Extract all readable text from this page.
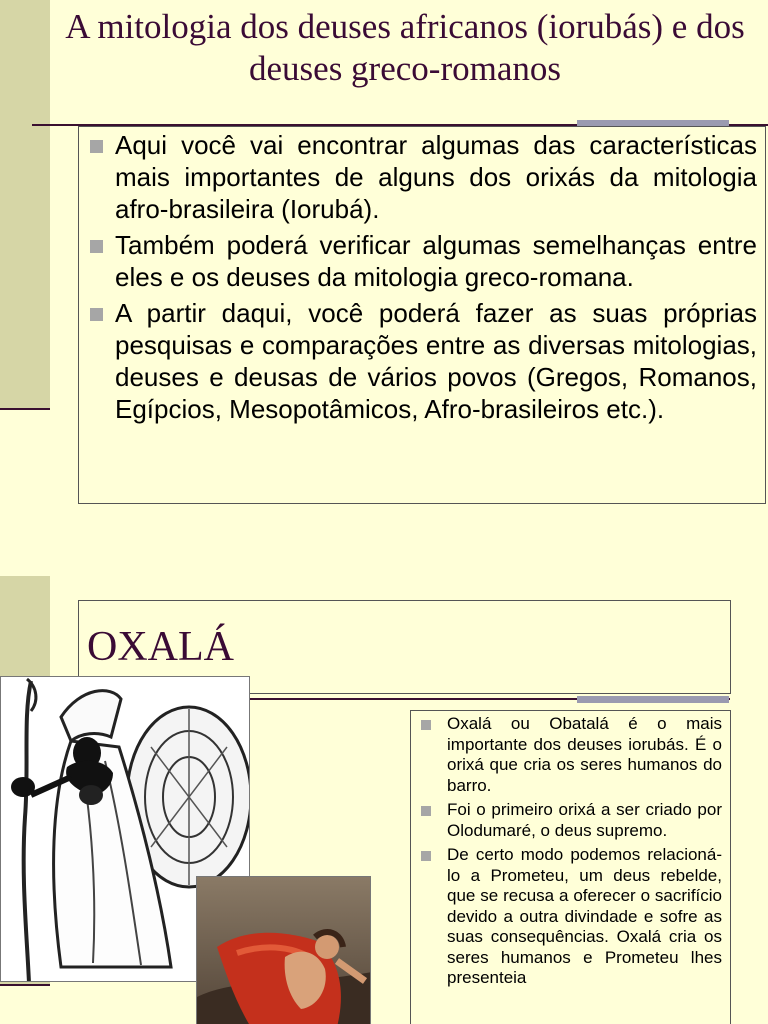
A mitologia dos deuses africanos (iorubás) e dos deuses greco-romanos
Aqui você vai encontrar algumas das características mais importantes de alguns dos orixás da mitologia afro-brasileira (Iorubá).
Também poderá verificar algumas semelhanças entre eles e os deuses da mitologia greco-romana.
A partir daqui, você poderá fazer as suas próprias pesquisas e comparações entre as diversas mitologias, deuses e deusas de vários povos (Gregos, Romanos, Egípcios, Mesopotâmicos, Afro-brasileiros etc.).
OXALÁ
Oxalá ou Obatalá é o mais importante dos deuses iorubás. É o orixá que cria os seres humanos do barro.
Foi o primeiro orixá a ser criado por Olodumaré, o deus supremo.
De certo modo podemos relacioná-lo a Prometeu, um deus rebelde, que se recusa a oferecer o sacrifício devido a outra divindade e sofre as suas consequências. Oxalá cria os seres humanos e Prometeu lhes presenteia
